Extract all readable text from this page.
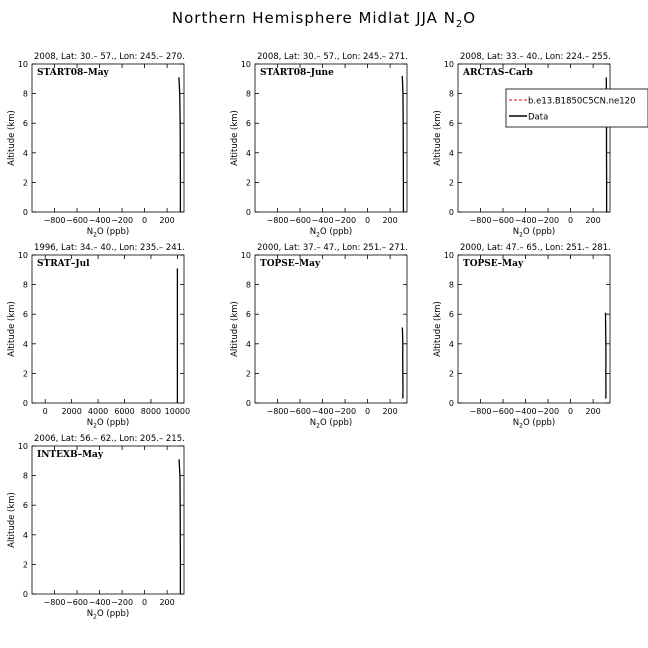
Northern Hemisphere Midlat JJA $N_2O$
2008, Lat: 30.– 57., Lon: 245.– 270.
START08–May
0
2
4
6
8
10
−800 −600 −400 −200 0 200
$N_2O$ (ppb)
Altitude (km)
2008, Lat: 30.– 57., Lon: 245.– 271.
START08–June
0
2
4
6
8
10
−800 −600 −400 −200 0 200
$N_2O$ (ppb)
Altitude (km)
2008, Lat: 33.– 40., Lon: 224.– 255.
ARCTAS–Carb
0
2
4
6
8
10
−800 −600 −400 −200 0 200
$N_2O$ (ppb)
Altitude (km)
1996, Lat: 34.– 40., Lon: 235.– 241.
STRAT–Jul
0
2
4
6
8
10
0 2000 4000 6000 8000 10000
$N_2O$ (ppb)
Altitude (km)
2000, Lat: 37.– 47., Lon: 251.– 271.
TOPSE–May
0
2
4
6
8
10
−800 −600 −400 −200 0 200
$N_2O$ (ppb)
Altitude (km)
2000, Lat: 47.– 65., Lon: 251.– 281.
TOPSE–May
0
2
4
6
8
10
−800 −600 −400 −200 0 200
$N_2O$ (ppb)
Altitude (km)
2006, Lat: 56.– 62., Lon: 205.– 215.
INTEXB–May
0
2
4
6
8
10
−800 −600 −400 −200 0 200
$N_2O$ (ppb)
Altitude (km)
b.e13.B1850C5CN.ne120
Data
